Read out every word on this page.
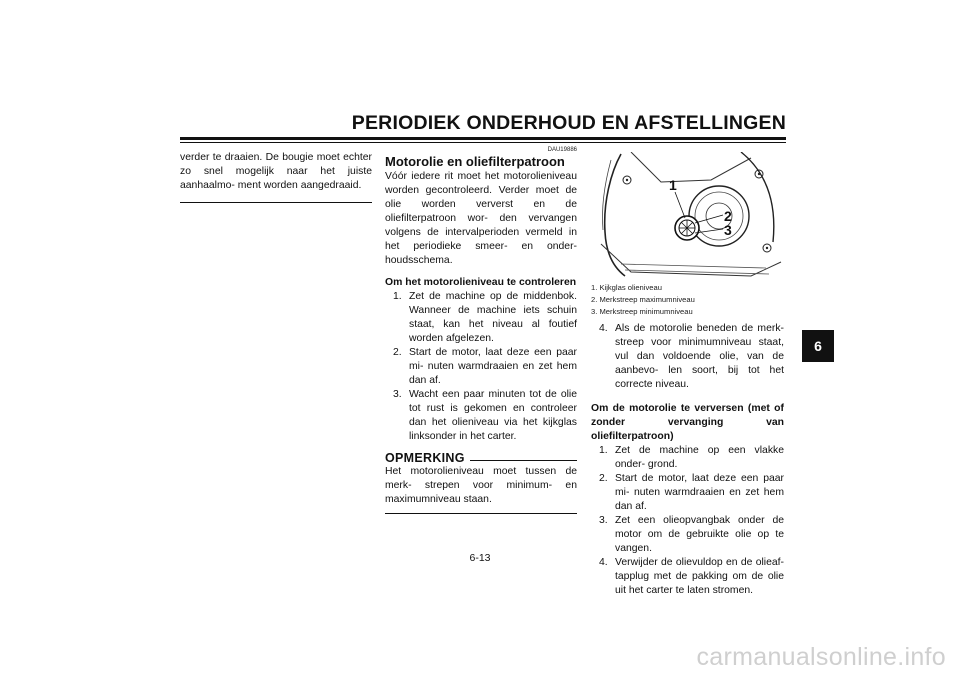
PERIODIEK ONDERHOUD EN AFSTELLINGEN

verder te draaien. De bougie moet echter zo snel mogelijk naar het juiste aanhaalmo- ment worden aangedraaid.

DAU19886
Motorolie en oliefilterpatroon

Vóór iedere rit moet het motorolieniveau worden gecontroleerd. Verder moet de olie worden ververst en de oliefilterpatroon wor- den vervangen volgens de intervalperioden vermeld in het periodieke smeer- en onder- houdsschema.

Om het motorolieniveau te controleren
1. Zet de machine op de middenbok. Wanneer de machine iets schuin staat, kan het niveau al foutief worden afgelezen.
2. Start de motor, laat deze een paar mi- nuten warmdraaien en zet hem dan af.
3. Wacht een paar minuten tot de olie tot rust is gekomen en controleer dan het olieniveau via het kijkglas linksonder in het carter.
OPMERKING

Het motorolieniveau moet tussen de merk- strepen voor minimum- en maximumniveau staan.

1
2
3
1. Kijkglas olieniveau
2. Merkstreep maximumniveau
3. Merkstreep minimumniveau
4. Als de motorolie beneden de merk- streep voor minimumniveau staat, vul dan voldoende olie, van de aanbevo- len soort, bij tot het correcte niveau.
Om de motorolie te verversen (met of zonder vervanging van oliefilterpatroon)
1. Zet de machine op een vlakke onder- grond.
2. Start de motor, laat deze een paar mi- nuten warmdraaien en zet hem dan af.
3. Zet een olieopvangbak onder de motor om de gebruikte olie op te vangen.
4. Verwijder de olievuldop en de olieaf- tapplug met de pakking om de olie uit het carter te laten stromen.
6
6-13
carmanualsonline.info
